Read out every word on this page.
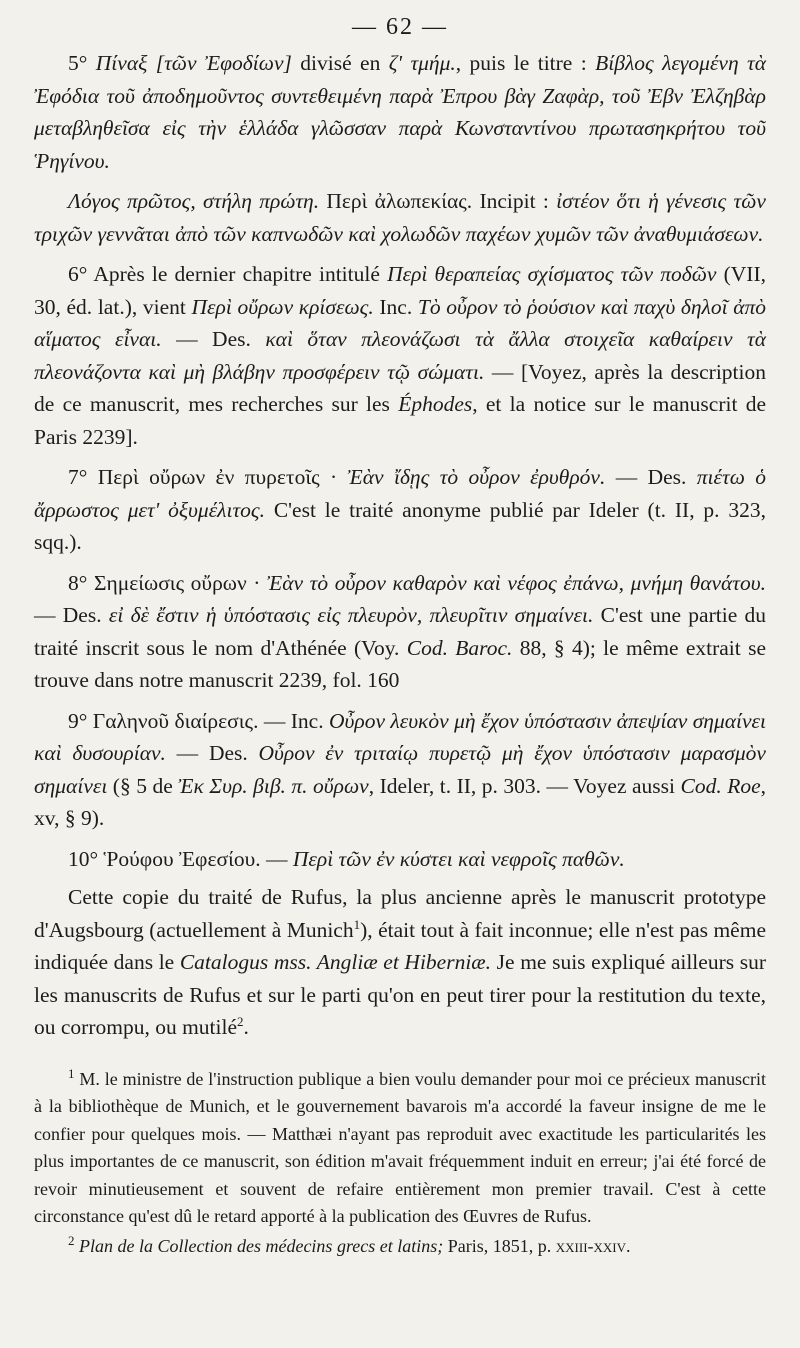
— 62 —

5° Πίναξ [τῶν Ἐφοδίων] divisé en ζ' τμήμ., puis le titre : Βίβλος λεγομένη τὰ Ἐφόδια τοῦ ἀποδημοῦντος συντεθειμένη παρὰ Ἐπρου βὰγ Ζαφὰρ, τοῦ Ἐβν Ἐλζηβὰρ μεταβληθεῖσα εἰς τὴν ἑλλάδα γλῶσσαν παρὰ Κωνσταντίνου πρωτασηκρήτου τοῦ Ῥηγίνου.

Λόγος πρῶτος, στήλη πρώτη. Περὶ ἀλωπεκίας. Incipit : ἰστέον ὅτι ἡ γένεσις τῶν τριχῶν γεννᾶται ἀπὸ τῶν καπνωδῶν καὶ χολωδῶν παχέων χυμῶν τῶν ἀναθυμιάσεων.

6° Après le dernier chapitre intitulé Περὶ θεραπείας σχίσματος τῶν ποδῶν (VII, 30, éd. lat.), vient Περὶ οὔρων κρίσεως. Inc. Τὸ οὖρον τὸ ῥούσιον καὶ παχὺ δηλοῖ ἀπὸ αἵματος εἶναι. — Des. καὶ ὅταν πλεονάζωσι τὰ ἄλλα στοιχεῖα καθαίρειν τὰ πλεονάζοντα καὶ μὴ βλάβην προσφέρειν τῷ σώματι. — [Voyez, après la description de ce manuscrit, mes recherches sur les Éphodes, et la notice sur le manuscrit de Paris 2239].

7° Περὶ οὔρων ἐν πυρετοῖς · Ἐὰν ἴδῃς τὸ οὖρον ἐρυθρόν. — Des. πιέτω ὁ ἄρρωστος μετ' ὀξυμέλιτος. C'est le traité anonyme publié par Ideler (t. II, p. 323, sqq.).

8° Σημείωσις οὔρων · Ἐὰν τὸ οὖρον καθαρὸν καὶ νέφος ἐπάνω, μνήμη θανάτου. — Des. εἰ δὲ ἔστιν ἡ ὑπόστασις εἰς πλευρὸν, πλευρῖτιν σημαίνει. C'est une partie du traité inscrit sous le nom d'Athénée (Voy. Cod. Baroc. 88, § 4); le même extrait se trouve dans notre manuscrit 2239, fol. 160

9° Γαληνοῦ διαίρεσις. — Inc. Οὖρον λευκὸν μὴ ἔχον ὑπόστασιν ἀπεψίαν σημαίνει καὶ δυσουρίαν. — Des. Οὖρον ἐν τριταίῳ πυρετῷ μὴ ἔχον ὑπόστασιν μαρασμὸν σημαίνει (§ 5 de Ἐκ Συρ. βιβ. π. οὔρων, Ideler, t. II, p. 303. — Voyez aussi Cod. Roe, xv, § 9).

10° Ῥούφου Ἐφεσίου. — Περὶ τῶν ἐν κύστει καὶ νεφροῖς παθῶν.

Cette copie du traité de Rufus, la plus ancienne après le manuscrit prototype d'Augsbourg (actuellement à Munich$^1$), était tout à fait inconnue; elle n'est pas même indiquée dans le Catalogus mss. Angliæ et Hiberniæ. Je me suis expliqué ailleurs sur les manuscrits de Rufus et sur le parti qu'on en peut tirer pour la restitution du texte, ou corrompu, ou mutilé$^2$.

$^1$ M. le ministre de l'instruction publique a bien voulu demander pour moi ce précieux manuscrit à la bibliothèque de Munich, et le gouvernement bavarois m'a accordé la faveur insigne de me le confier pour quelques mois. — Matthæi n'ayant pas reproduit avec exactitude les particularités les plus importantes de ce manuscrit, son édition m'avait fréquemment induit en erreur; j'ai été forcé de revoir minutieusement et souvent de refaire entièrement mon premier travail. C'est à cette circonstance qu'est dû le retard apporté à la publication des Œuvres de Rufus.

$^2$ Plan de la Collection des médecins grecs et latins; Paris, 1851, p. xxiii-xxiv.
